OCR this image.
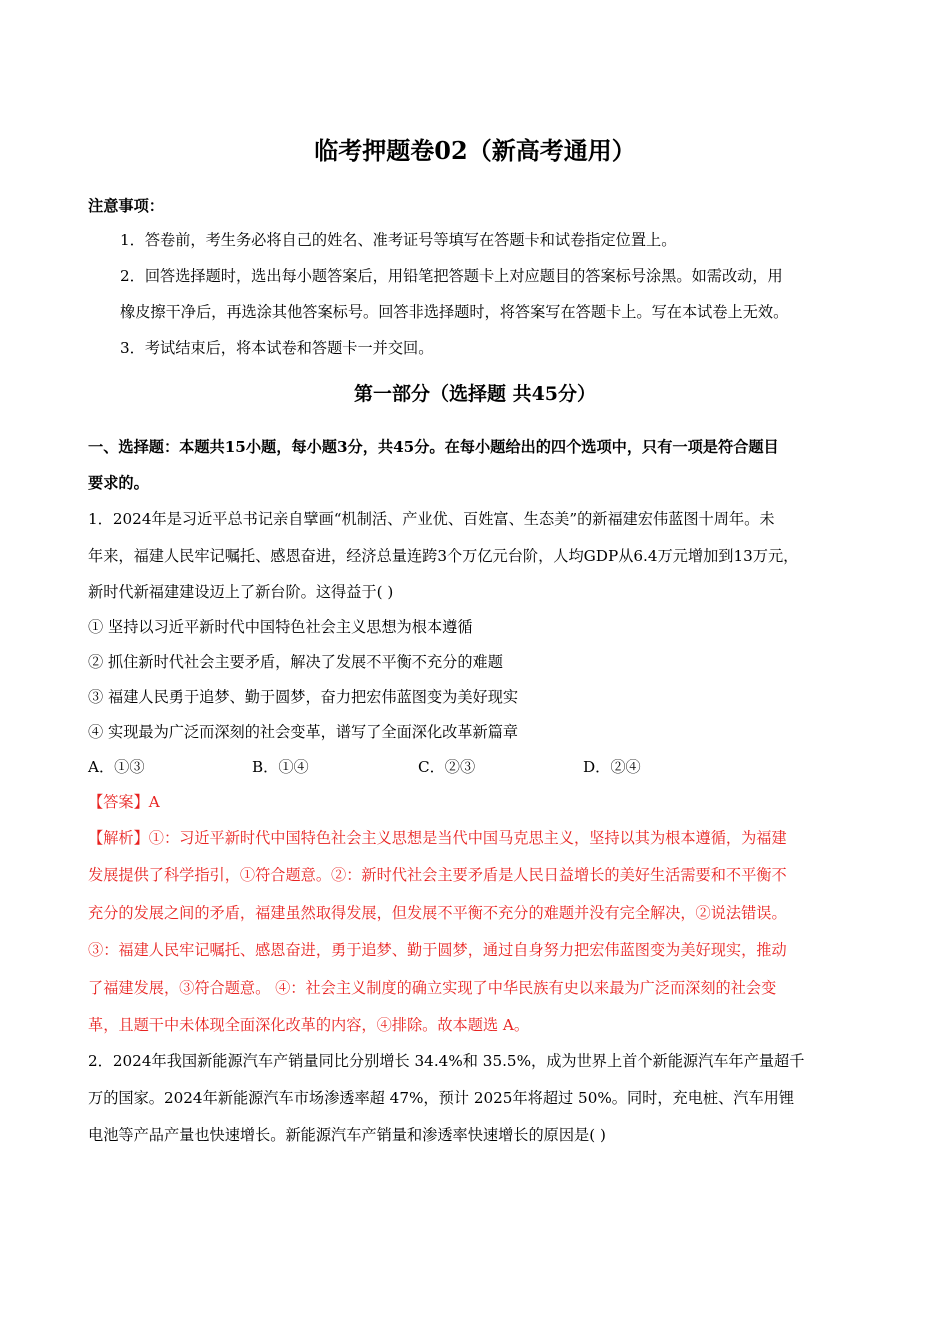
临考押题卷02（新高考通用）
注意事项：
1．答卷前，考生务必将自己的姓名、准考证号等填写在答题卡和试卷指定位置上。
2．回答选择题时，选出每小题答案后，用铅笔把答题卡上对应题目的答案标号涂黑。如需改动，用
橡皮擦干净后，再选涂其他答案标号。回答非选择题时，将答案写在答题卡上。写在本试卷上无效。
3．考试结束后，将本试卷和答题卡一并交回。
第一部分（选择题 共45分）
一、选择题：本题共15小题，每小题3分，共45分。在每小题给出的四个选项中，只有一项是符合题目
要求的。
1．2024年是习近平总书记亲自擘画“机制活、产业优、百姓富、生态美”的新福建宏伟蓝图十周年。未
年来，福建人民牢记嘱托、感恩奋进，经济总量连跨3个万亿元台阶，人均GDP从6.4万元增加到13万元，
新时代新福建建设迈上了新台阶。这得益于( )
① 坚持以习近平新时代中国特色社会主义思想为根本遵循
② 抓住新时代社会主要矛盾，解决了发展不平衡不充分的难题
③ 福建人民勇于追梦、勤于圆梦，奋力把宏伟蓝图变为美好现实
④ 实现最为广泛而深刻的社会变革，谱写了全面深化改革新篇章
A．①③	B．①④	C．②③	D．②④
【答案】A
【解析】①：习近平新时代中国特色社会主义思想是当代中国马克思主义，坚持以其为根本遵循，为福建
发展提供了科学指引，①符合题意。②：新时代社会主要矛盾是人民日益增长的美好生活需要和不平衡不
充分的发展之间的矛盾，福建虽然取得发展，但发展不平衡不充分的难题并没有完全解决，②说法错误。
③：福建人民牢记嘱托、感恩奋进，勇于追梦、勤于圆梦，通过自身努力把宏伟蓝图变为美好现实，推动
了福建发展，③符合题意。 ④：社会主义制度的确立实现了中华民族有史以来最为广泛而深刻的社会变
革，且题干中未体现全面深化改革的内容，④排除。故本题选 A。
2．2024年我国新能源汽车产销量同比分别增长 34.4%和 35.5%，成为世界上首个新能源汽车年产量超千
万的国家。2024年新能源汽车市场渗透率超 47%，预计 2025年将超过 50%。同时，充电桩、汽车用锂
电池等产品产量也快速增长。新能源汽车产销量和渗透率快速增长的原因是( )
